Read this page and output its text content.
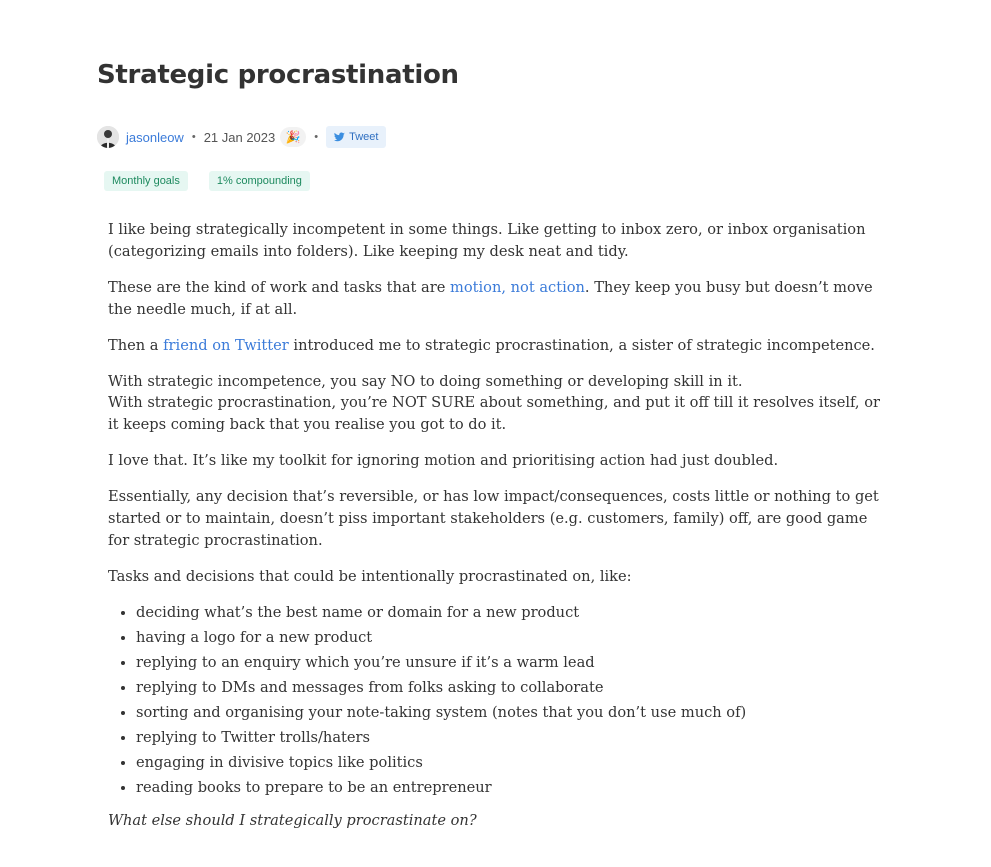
Strategic procrastination
jasonleow • 21 Jan 2023 🎉 •	Tweet
Monthly goals	1% compounding

I like being strategically incompetent in some things. Like getting to inbox zero, or inbox organisation (categorizing emails into folders). Like keeping my desk neat and tidy.

These are the kind of work and tasks that are motion, not action. They keep you busy but doesn’t move the needle much, if at all.

Then a friend on Twitter introduced me to strategic procrastination, a sister of strategic incompetence.

With strategic incompetence, you say NO to doing something or developing skill in it.
With strategic procrastination, you’re NOT SURE about something, and put it off till it resolves itself, or it keeps coming back that you realise you got to do it.

I love that. It’s like my toolkit for ignoring motion and prioritising action had just doubled.

Essentially, any decision that’s reversible, or has low impact/consequences, costs little or nothing to get started or to maintain, doesn’t piss important stakeholders (e.g. customers, family) off, are good game for strategic procrastination.

Tasks and decisions that could be intentionally procrastinated on, like:

• deciding what’s the best name or domain for a new product
• having a logo for a new product
• replying to an enquiry which you’re unsure if it’s a warm lead
• replying to DMs and messages from folks asking to collaborate
• sorting and organising your note-taking system (notes that you don’t use much of)
• replying to Twitter trolls/haters
• engaging in divisive topics like politics
• reading books to prepare to be an entrepreneur

What else should I strategically procrastinate on?
